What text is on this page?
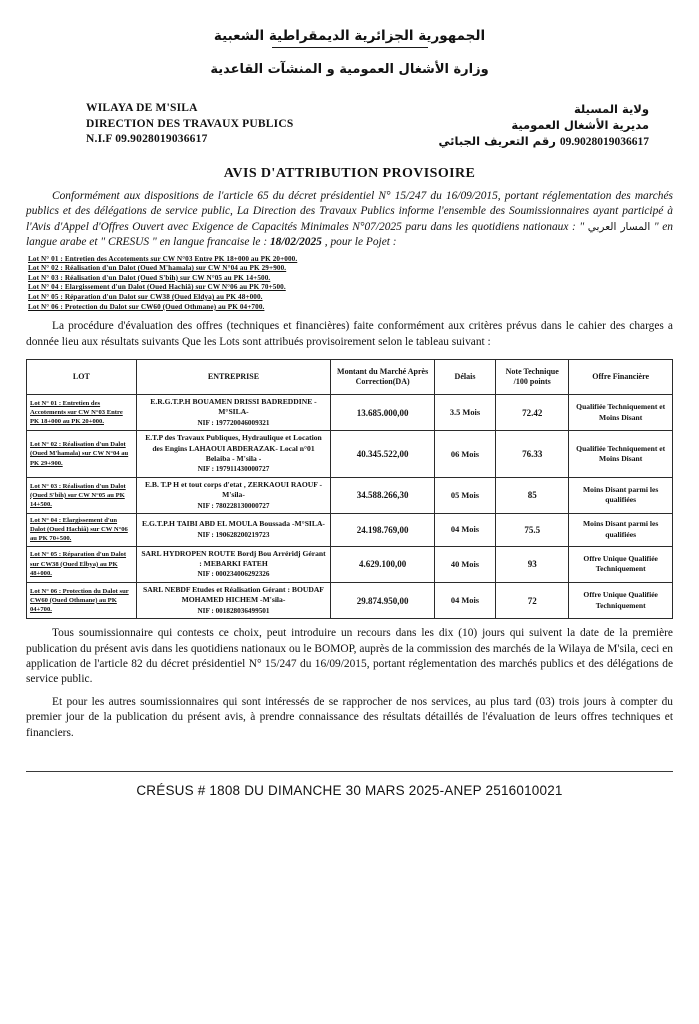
الجمهورية الجزائرية الديمقراطية الشعبية
وزارة الأشغال العمومية و المنشآت القاعدية
WILAYA DE M'SILA
DIRECTION DES TRAVAUX PUBLICS
N.I.F 09.9028019036617
ولاية المسيلة
مديرية الأشغال العمومية
09.9028019036617 رقم التعريف الجبائي
AVIS D'ATTRIBUTION PROVISOIRE
Conformément aux dispositions de l'article 65 du décret présidentiel N° 15/247 du 16/09/2015, portant réglementation des marchés publics et des délégations de service public, La Direction des Travaux Publics informe l'ensemble des Soumissionnaires ayant participé à l'Avis d'Appel d'Offres Ouvert avec Exigence de Capacités Minimales N°07/2025 paru dans les quotidiens nationaux : " المسار العربي " en langue arabe et " CRESUS " en langue francaise le : 18/02/2025 , pour le Pojet :
Lot N° 01 : Entretien des Accotements sur CW N°03 Entre PK 18+000 au PK 20+000.
Lot N° 02 : Réalisation d'un Dalot (Oued M'hamala) sur CW N°04 au PK 29+900.
Lot N° 03 : Réalisation d'un Dalot (Oued S'bih) sur CW N°05 au PK 14+500.
Lot N° 04 : Elargissement d'un Dalot (Oued Hachiâ) sur CW N°06 au PK 70+500.
Lot N° 05 : Réparation d'un Dalot sur CW38 (Oued Eldya) au PK 48+000.
Lot N° 06 : Protection du Dalot sur CW60 (Oued Othmane) au PK 04+700.
La procédure d'évaluation des offres (techniques et financières) faite conformément aux critères prévus dans le cahier des charges a donnée lieu aux résultats suivants Que les Lots sont attribués provisoirement selon le tableau suivant :
LOT	ENTREPRISE	Montant du Marché Après Correction(DA)	Délais	Note Technique /100 points	Offre Financière
Lot N° 01 : Entretien des Accotements sur CW N°03 Entre PK 18+000 au PK 20+000.	E.R.G.T.P.H BOUAMEN DRISSI BADREDDINE -M°SILA-
NIF : 197720046009321	13.685.000,00	3.5 Mois	72.42	Qualifiée Techniquement et Moins Disant
Lot N° 02 : Réalisation d'un Dalot (Oued M'hamala) sur CW N°04 au PK 29+900.	E.T.P des Travaux Publiques, Hydraulique et Location des Engins LAHAOUI ABDERAZAK- Local n°01 Belaiba - M'sila -
NIF : 197911430000727	40.345.522,00	06 Mois	76.33	Qualifiée Techniquement et Moins Disant
Lot N° 03 : Réalisation d'un Dalot (Oued S'bih) sur CW N°05 au PK 14+500.	E.B. T.P H et tout corps d'etat , ZERKAOUI RAOUF -M'sila-
NIF : 780228130000727	34.588.266,30	05 Mois	85	Moins Disant parmi les qualifiées
Lot N° 04 : Elargissement d'un Dalot (Oued Hachiâ) sur CW N°06 au PK 70+500.	E.G.T.P.H TAIBI ABD EL MOULA Boussada -M°SILA-
NIF : 190628200219723	24.198.769,00	04 Mois	75.5	Moins Disant parmi les qualifiées
Lot N° 05 : Réparation d'un Dalot sur CW38 (Oued Elbya) au PK 48+000.	SARL HYDROPEN ROUTE Bordj Bou Arréridj Gérant : MEBARKI FATEH
NIF : 000234006292326	4.629.100,00	40 Mois	93	Offre Unique Qualifiée Techniquement
Lot N° 06 : Protection du Dalot sur CW60 (Oued Othmane) au PK 04+700.	SARL NEBDF Etudes et Réalisation Gérant : BOUDAF MOHAMED HICHEM -M'sila-
NIF : 001828036499501	29.874.950,00	04 Mois	72	Offre Unique Qualifiée Techniquement
Tous soumissionnaire qui contests ce choix, peut introduire un recours dans les dix (10) jours qui suivent la date de la première publication du présent avis dans les quotidiens nationaux ou le BOMOP, auprès de la commission des marchés de la Wilaya de M'sila, ceci en application de l'article 82 du décret présidentiel N° 15/247 du 16/09/2015, portant réglementation des marchés publics et des délégations de service public.
Et pour les autres soumissionnaires qui sont intéressés de se rapprocher de nos services, au plus tard (03) trois jours à compter du premier jour de la publication du présent avis, à prendre connaissance des résultats détaillés de l'évaluation de leurs offres techniques et financiers.
CRÉSUS # 1808 DU DIMANCHE 30 MARS 2025-ANEP 2516010021
